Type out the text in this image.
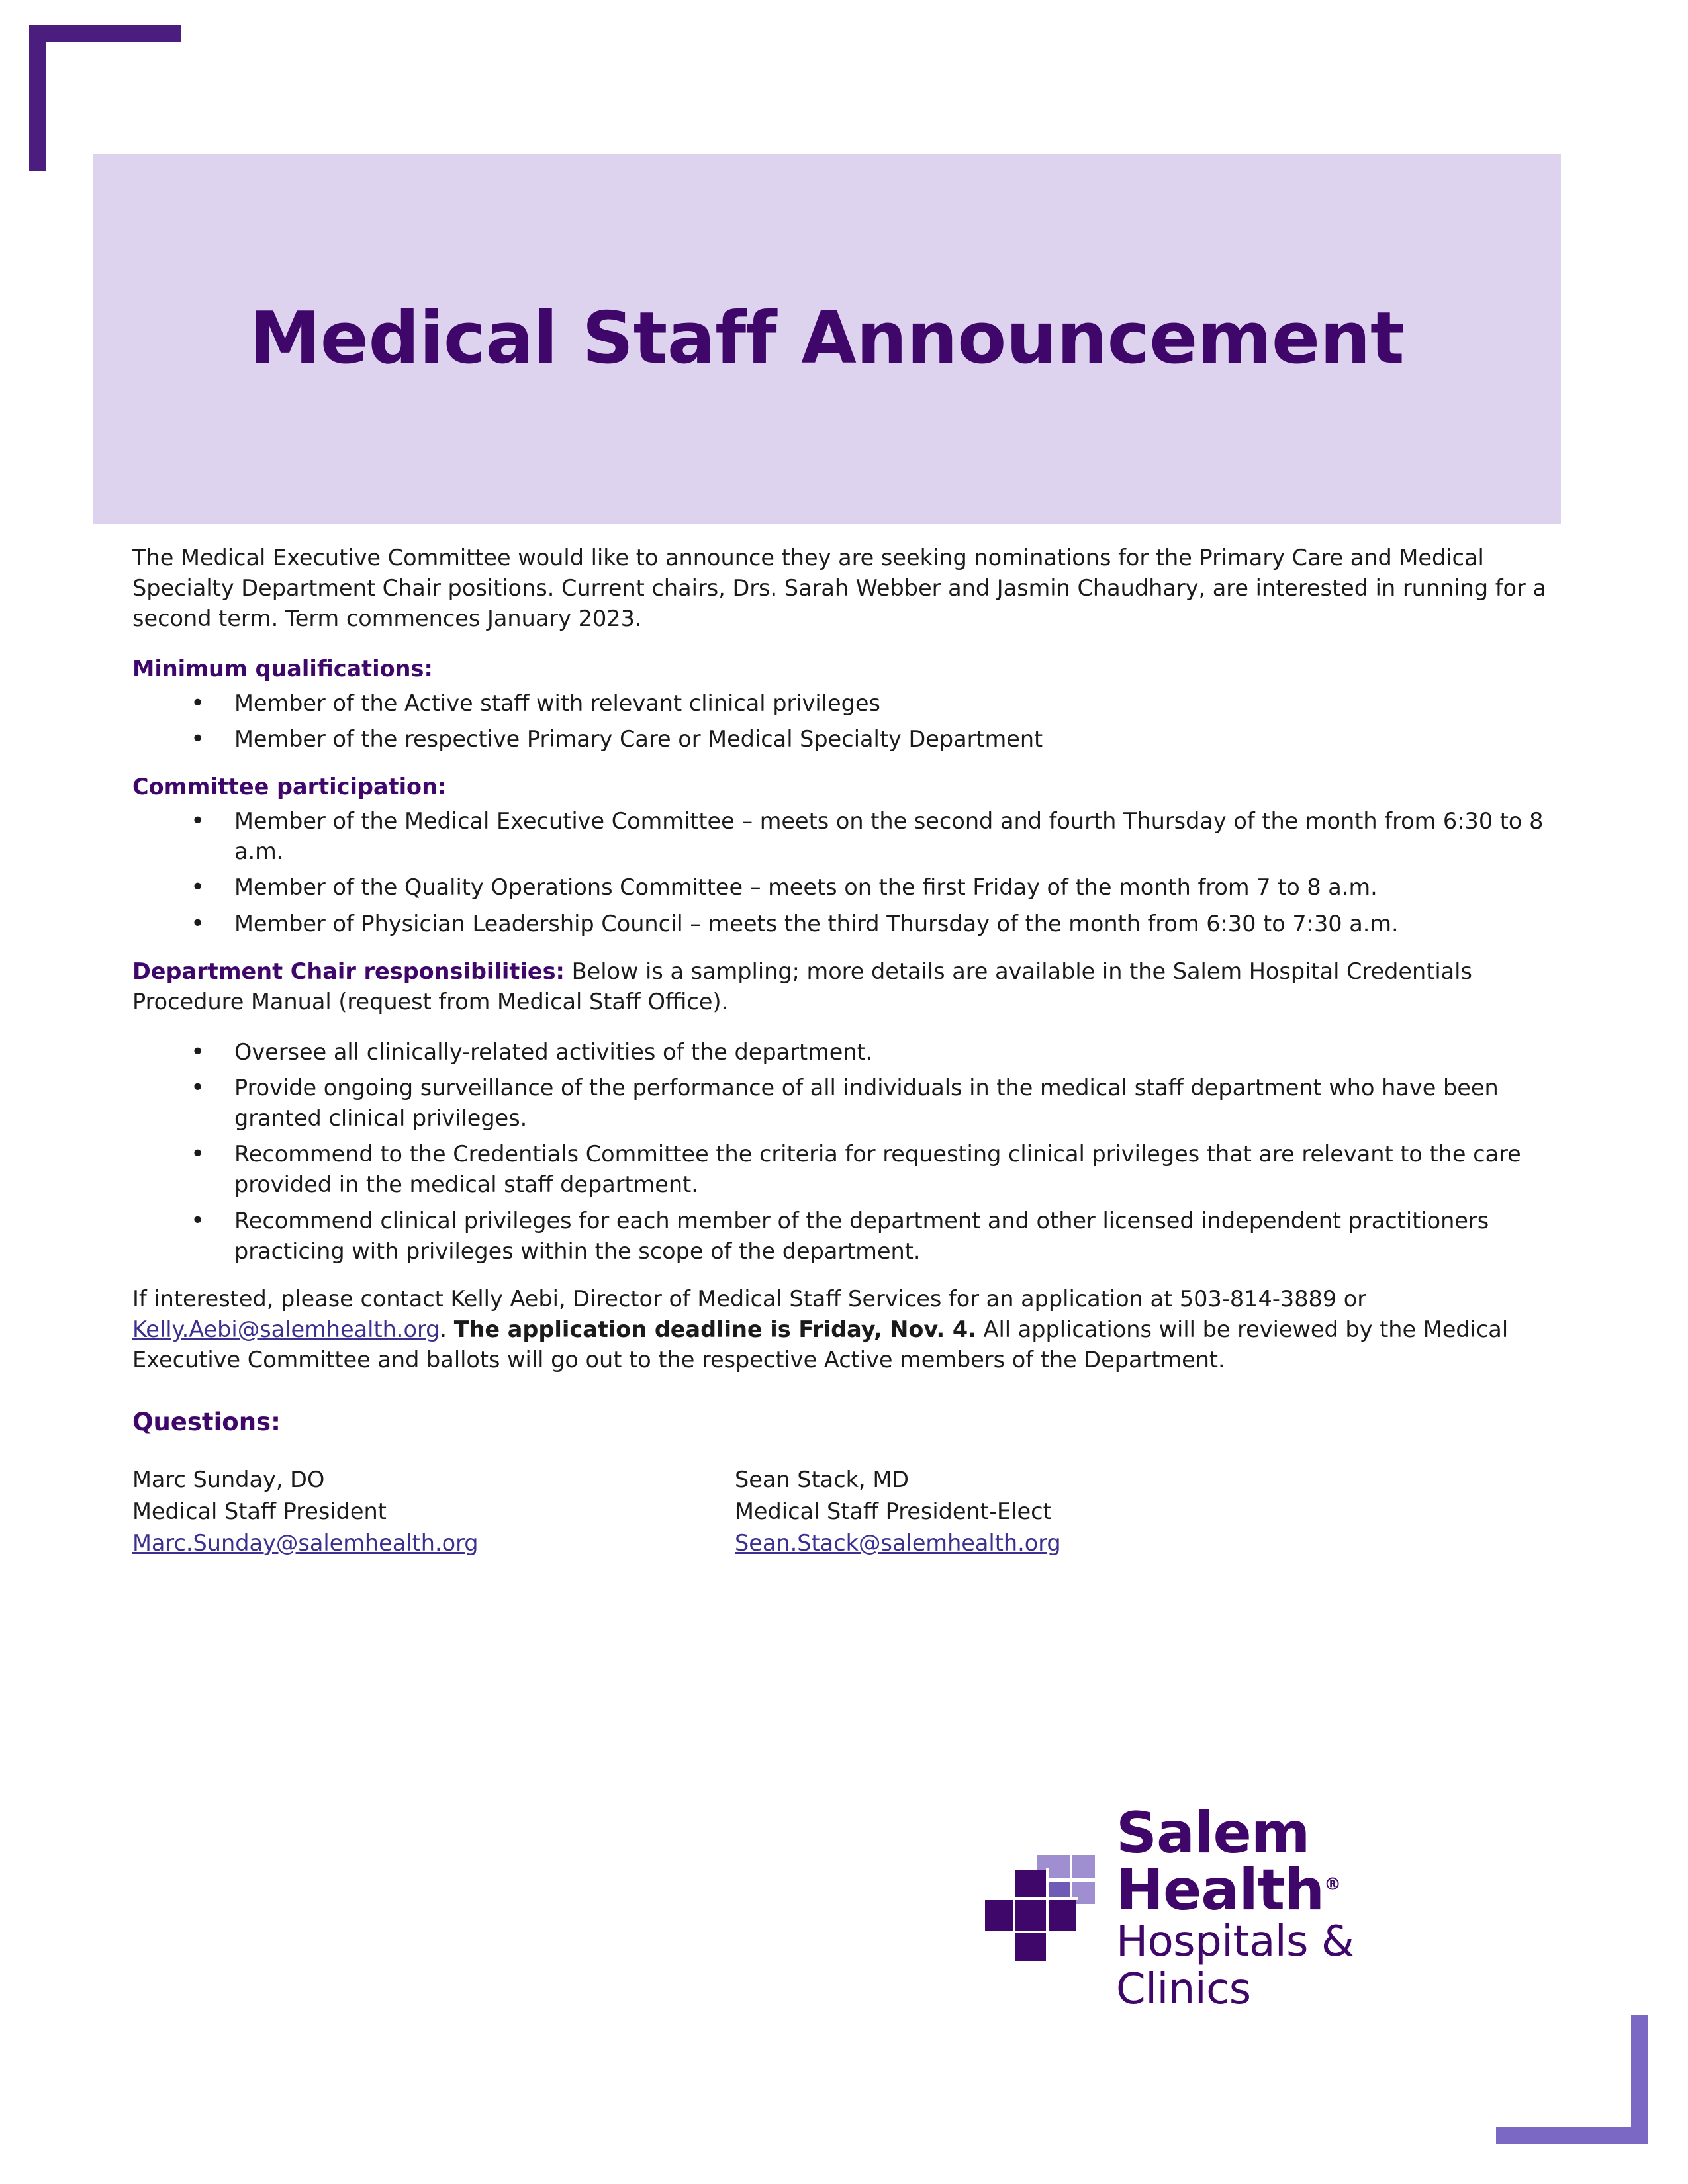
Medical Staff Announcement

The Medical Executive Committee would like to announce they are seeking nominations for the Primary Care and Medical Specialty Department Chair positions. Current chairs, Drs. Sarah Webber and Jasmin Chaudhary, are interested in running for a second term. Term commences January 2023.

Minimum qualifications:
• Member of the Active staff with relevant clinical privileges
• Member of the respective Primary Care or Medical Specialty Department
Committee participation:
• Member of the Medical Executive Committee – meets on the second and fourth Thursday of the month from 6:30 to 8 a.m.
• Member of the Quality Operations Committee – meets on the first Friday of the month from 7 to 8 a.m.
• Member of Physician Leadership Council – meets the third Thursday of the month from 6:30 to 7:30 a.m.

Department Chair responsibilities: Below is a sampling; more details are available in the Salem Hospital Credentials Procedure Manual (request from Medical Staff Office).

• Oversee all clinically-related activities of the department.
• Provide ongoing surveillance of the performance of all individuals in the medical staff department who have been granted clinical privileges.
• Recommend to the Credentials Committee the criteria for requesting clinical privileges that are relevant to the care provided in the medical staff department.
• Recommend clinical privileges for each member of the department and other licensed independent practitioners practicing with privileges within the scope of the department.

If interested, please contact Kelly Aebi, Director of Medical Staff Services for an application at 503-814-3889 or Kelly.Aebi@salemhealth.org. The application deadline is Friday, Nov. 4. All applications will be reviewed by the Medical Executive Committee and ballots will go out to the respective Active members of the Department.

Questions:
Marc Sunday, DO
Medical Staff President
Marc.Sunday@salemhealth.org	
Sean Stack, MD
Medical Staff President-Elect
Sean.Stack@salemhealth.org
Salem Health®
Hospitals & Clinics
